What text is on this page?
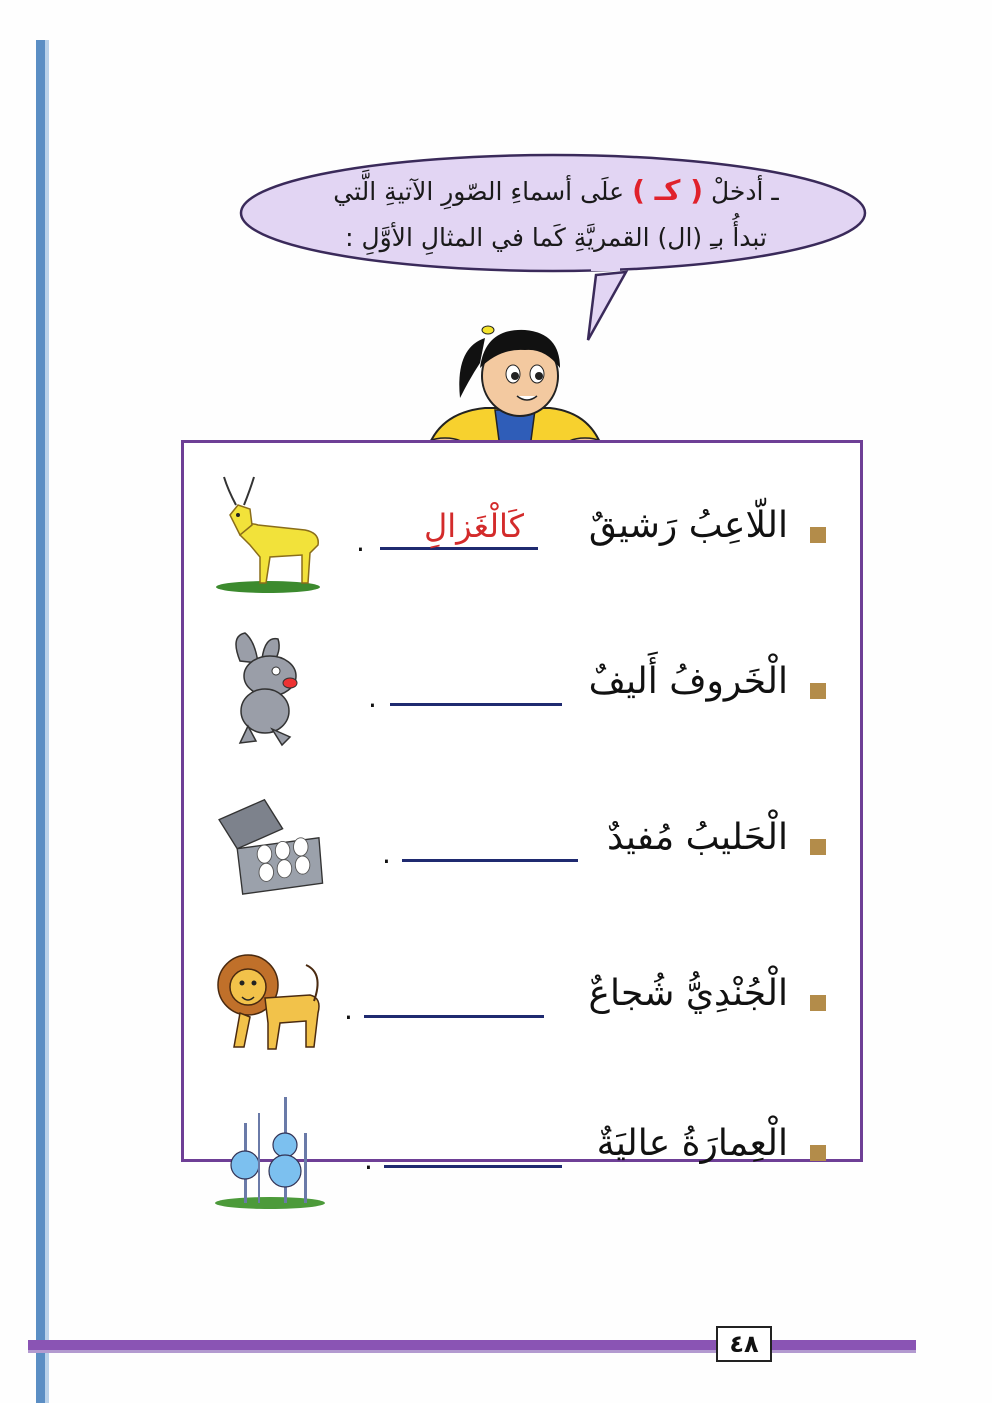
ـ أدخلْ ( كـ ) علَى أسماءِ الصّورِ الآتيةِ الَّتي
تبدأُ بـِ (ال) القمريَّةِ كَما في المثالِ الأوَّلِ :
اللّاعِبُ رَشيقٌ
كَالْغَزالِ
.
الْخَروفُ أَليفٌ
.
الْحَليبُ مُفيدٌ
.
الْجُنْدِيُّ شُجاعٌ
.
الْعِمارَةُ عاليَةٌ
.
٤٨
